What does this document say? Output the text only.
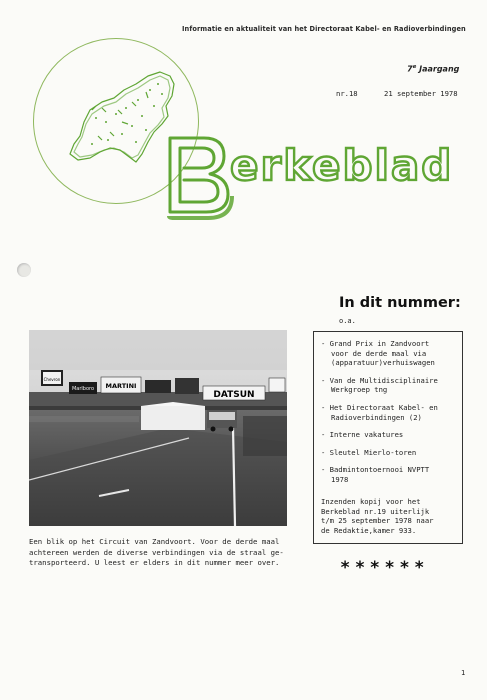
Informatie en aktualiteit van het Directoraat Kabel- en Radioverbindingen
7e Jaargang
nr.18	21 september 1978
erkeblad
Chevron
Marlboro MARTINI
DATSUN
Een blik op het Circuit van Zandvoort. Voor de derde maal
achtereen werden de diverse verbindingen via de straal ge-
transporteerd. U leest er elders in dit nummer meer over.
In dit nummer:
o.a.
- Grand Prix in Zandvoort
voor de derde maal via
(apparatuur)verhuiswagen
- Van de Multidisciplinaire
Werkgroep tng
- Het Directoraat Kabel- en
Radioverbindingen (2)
- Interne vakatures
- Sleutel Mierlo-toren
- Badmintontoernooi NVPTT
1978
Inzenden kopij voor het
Berkeblad nr.19 uiterlijk
t/m 25 september 1978 naar
de Redaktie,kamer 933.
******
1
